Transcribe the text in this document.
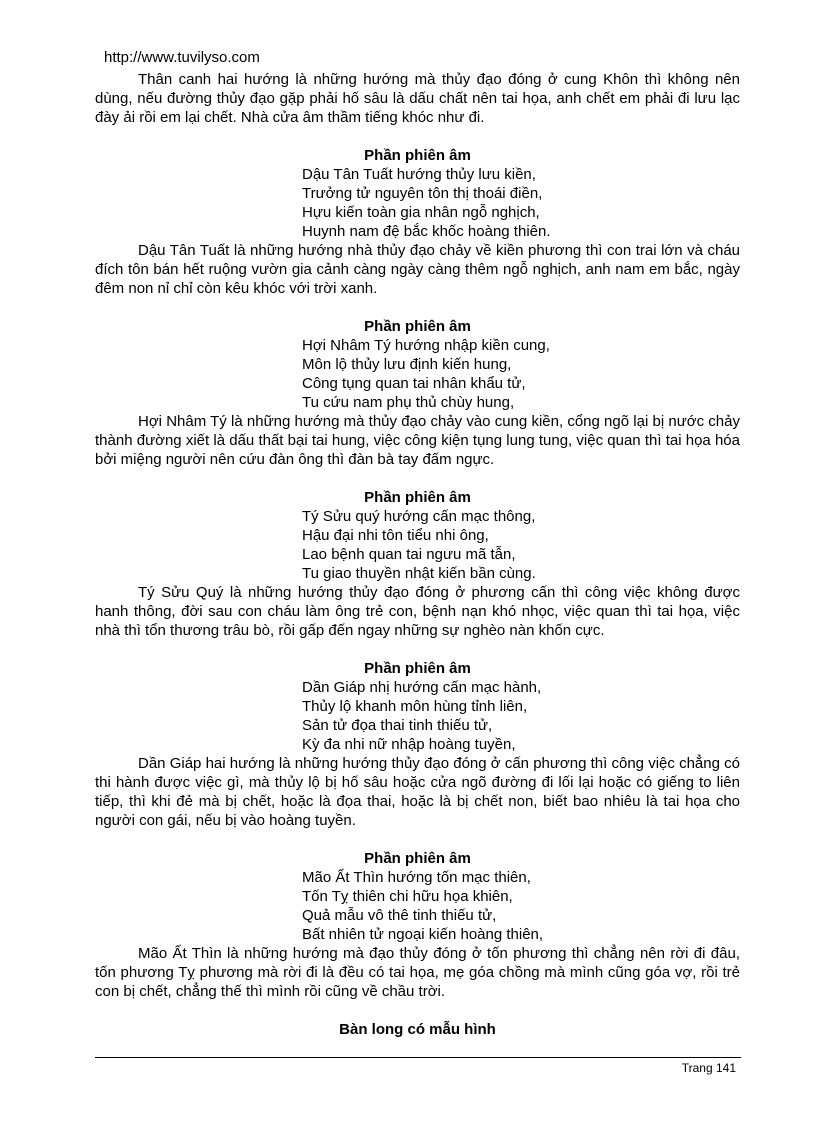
http://www.tuvilyso.com

Thân canh hai hướng là những hướng mà thủy đạo đóng ở cung Khôn thì không nên dùng, nếu đường thủy đạo gặp phải hố sâu là dấu chất nên tai họa, anh chết em phải đi lưu lạc đày ải rồi em lại chết. Nhà cửa âm thầm tiếng khóc như đi.

Phần phiên âm

Dậu Tân Tuất hướng thủy lưu kiền,
Trưởng tử nguyên tôn thị thoái điền,
Hựu kiến toàn gia nhân ngỗ nghịch,
Huynh nam đệ bắc khốc hoàng thiên.

Dậu Tân Tuất là những hướng nhà thủy đạo chảy về kiền phương thì con trai lớn và cháu đích tôn bán hết ruộng vườn gia cảnh càng ngày càng thêm ngỗ nghịch, anh nam em bắc, ngày đêm non nỉ chỉ còn kêu khóc với trời xanh.

Phần phiên âm

Hợi Nhâm Tý hướng nhập kiền cung,
Môn lộ thủy lưu định kiến hung,
Công tụng quan tai nhân khẩu tử,
Tu cứu nam phụ thủ chùy hung,

Hợi Nhâm Tý là những hướng mà thủy đạo chảy vào cung kiền, cổng ngõ lại bị nước chảy thành đường xiết là dấu thất bại tai hung, việc công kiện tụng lung tung, việc quan thì tai họa hóa bởi miệng người nên cứu đàn ông thì đàn bà tay đấm ngực.

Phần phiên âm

Tý Sửu quý hướng cấn mạc thông,
Hậu đại nhi tôn tiểu nhi ông,
Lao bệnh quan tai ngưu mã tẫn,
Tu giao thuyền nhật kiến bần cùng.

Tý Sửu Quý là những hướng thủy đạo đóng ở phương cấn thì công việc không được hanh thông, đời sau con cháu làm ông trẻ con, bệnh nạn khó nhọc, việc quan thì tai họa, việc nhà thì tổn thương trâu bò, rồi gấp đến ngay những sự nghèo nàn khốn cực.

Phần phiên âm

Dần Giáp nhị hướng cấn mạc hành,
Thủy lộ khanh môn hùng tỉnh liên,
Sản tử đọa thai tinh thiếu tử,
Kỳ đa nhi nữ nhập hoàng tuyền,

Dần Giáp hai hướng là những hướng thủy đạo đóng ở cấn phương thì công việc chẳng có thi hành được việc gì, mà thủy lộ bị hố sâu hoặc cửa ngõ đường đi lối lại hoặc có giếng to liên tiếp, thì khi đẻ mà bị chết, hoặc là đọa thai, hoặc là bị chết non, biết bao nhiêu là tai họa cho người con gái, nếu bị vào hoàng tuyền.

Phần phiên âm

Mão Ất Thìn hướng tốn mạc thiên,
Tốn Tỵ thiên chi hữu họa khiên,
Quả mẫu vô thê tinh thiếu tử,
Bất nhiên tử ngoại kiến hoàng thiên,

Mão Ất Thìn là những hướng mà đạo thủy đóng ở tốn phương thì chẳng nên rời đi đâu, tốn phương Tỵ phương mà rời đi là đều có tai họa, mẹ góa chồng mà mình cũng góa vợ, rồi trẻ con bị chết, chẳng thế thì mình rồi cũng về chầu trời.

Bàn long có mẫu hình

Trang 141
